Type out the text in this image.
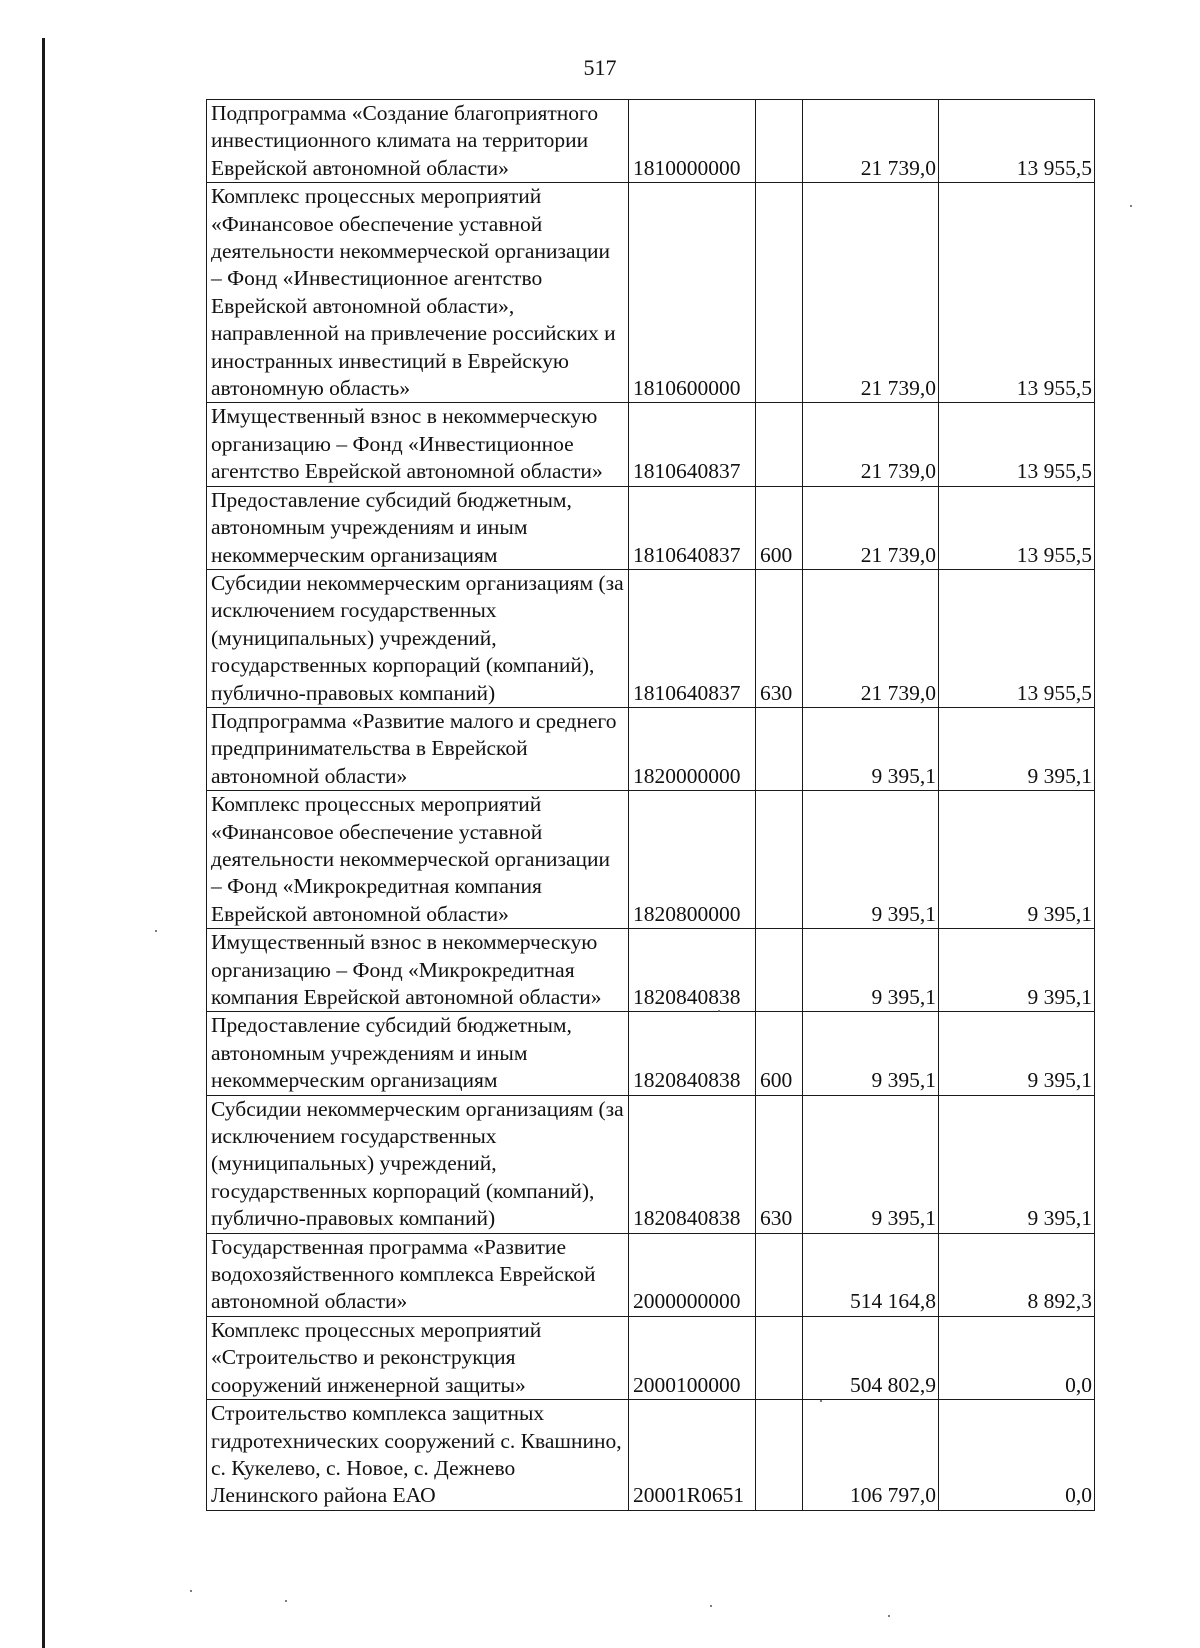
517
Подпрограмма «Создание благоприятного инвестиционного климата на территории Еврейской автономной области»	1810000000		21 739,0	13 955,5
Комплекс процессных мероприятий «Финансовое обеспечение уставной деятельности некоммерческой организации – Фонд «Инвестиционное агентство Еврейской автономной области», направленной на привлечение российских и иностранных инвестиций в Еврейскую автономную область»	1810600000		21 739,0	13 955,5
Имущественный взнос в некоммерческую организацию – Фонд «Инвестиционное агентство Еврейской автономной области»	1810640837		21 739,0	13 955,5
Предоставление субсидий бюджетным, автономным учреждениям и иным некоммерческим организациям	1810640837	600	21 739,0	13 955,5
Субсидии некоммерческим организациям (за исключением государственных (муниципальных) учреждений, государственных корпораций (компаний), публично-правовых компаний)	1810640837	630	21 739,0	13 955,5
Подпрограмма «Развитие малого и среднего предпринимательства в Еврейской автономной области»	1820000000		9 395,1	9 395,1
Комплекс процессных мероприятий «Финансовое обеспечение уставной деятельности некоммерческой организации – Фонд «Микрокредитная компания Еврейской автономной области»	1820800000		9 395,1	9 395,1
Имущественный взнос в некоммерческую организацию – Фонд «Микрокредитная компания Еврейской автономной области»	1820840838		9 395,1	9 395,1
Предоставление субсидий бюджетным, автономным учреждениям и иным некоммерческим организациям	1820840838	600	9 395,1	9 395,1
Субсидии некоммерческим организациям (за исключением государственных (муниципальных) учреждений, государственных корпораций (компаний), публично-правовых компаний)	1820840838	630	9 395,1	9 395,1
Государственная программа «Развитие водохозяйственного комплекса Еврейской автономной области»	2000000000		514 164,8	8 892,3
Комплекс процессных мероприятий «Строительство и реконструкция сооружений инженерной защиты»	2000100000		504 802,9	0,0
Строительство комплекса защитных гидротехнических сооружений с. Квашнино, с. Кукелево, с. Новое, с. Дежнево Ленинского района ЕАО	20001R0651		106 797,0	0,0
